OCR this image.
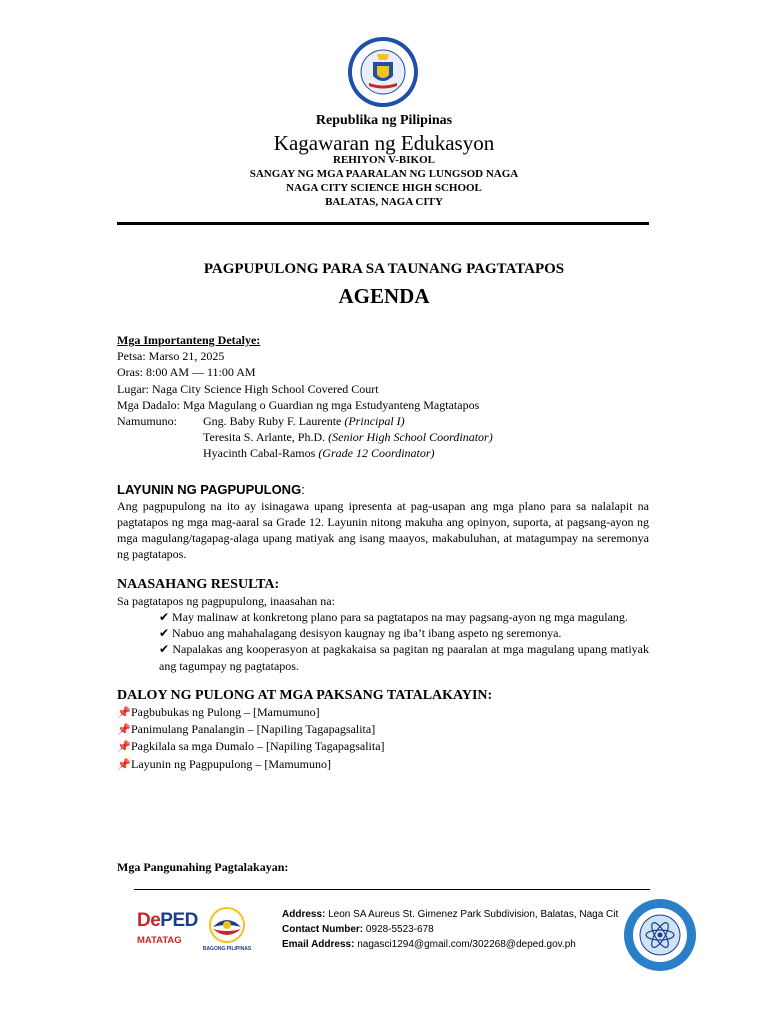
Republika ng Pilipinas
Kagawaran ng Edukasyon
REHIYON V-BIKOL
SANGAY NG MGA PAARALAN NG LUNGSOD NAGA
NAGA CITY SCIENCE HIGH SCHOOL
BALATAS, NAGA CITY
PAGPUPULONG PARA SA TAUNANG PAGTATAPOS
AGENDA
Mga Importanteng Detalye:
Petsa: Marso 21, 2025
Oras: 8:00 AM — 11:00 AM
Lugar: Naga City Science High School Covered Court
Mga Dadalo: Mga Magulang o Guardian ng mga Estudyanteng Magtatapos
Namumuno:	Gng. Baby Ruby F. Laurente (Principal I)
Teresita S. Arlante, Ph.D. (Senior High School Coordinator)
Hyacinth Cabal-Ramos (Grade 12 Coordinator)
LAYUNIN NG PAGPUPULONG:
Ang pagpupulong na ito ay isinagawa upang ipresenta at pag-usapan ang mga plano para sa nalalapit na pagtatapos ng mga mag-aaral sa Grade 12. Layunin nitong makuha ang opinyon, suporta, at pagsang-ayon ng mga magulang/tagapag-alaga upang matiyak ang isang maayos, makabuluhan, at matagumpay na seremonya ng pagtatapos.
NAASAHANG RESULTA:
Sa pagtatapos ng pagpupulong, inaasahan na:
✔ May malinaw at konkretong plano para sa pagtatapos na may pagsang-ayon ng mga magulang.
✔ Nabuo ang mahahalagang desisyon kaugnay ng iba’t ibang aspeto ng seremonya.
✔ Napalakas ang kooperasyon at pagkakaisa sa pagitan ng paaralan at mga magulang upang matiyak ang tagumpay ng pagtatapos.
DALOY NG PULONG AT MGA PAKSANG TATALAKAYIN:
📌Pagbubukas ng Pulong – [Mamumuno]
📌Panimulang Panalangin – [Napiling Tagapagsalita]
📌Pagkilala sa mga Dumalo – [Napiling Tagapagsalita]
📌Layunin ng Pagpupulong – [Mamumuno]
Mga Pangunahing Pagtalakayan:
DePED
MATATAG
BAGONG PILIPINAS
Address: Leon SA Aureus St. Gimenez Park Subdivision, Balatas, Naga Cit
Contact Number: 0928-5523-678
Email Address: nagasci1294@gmail.com/302268@deped.gov.ph
